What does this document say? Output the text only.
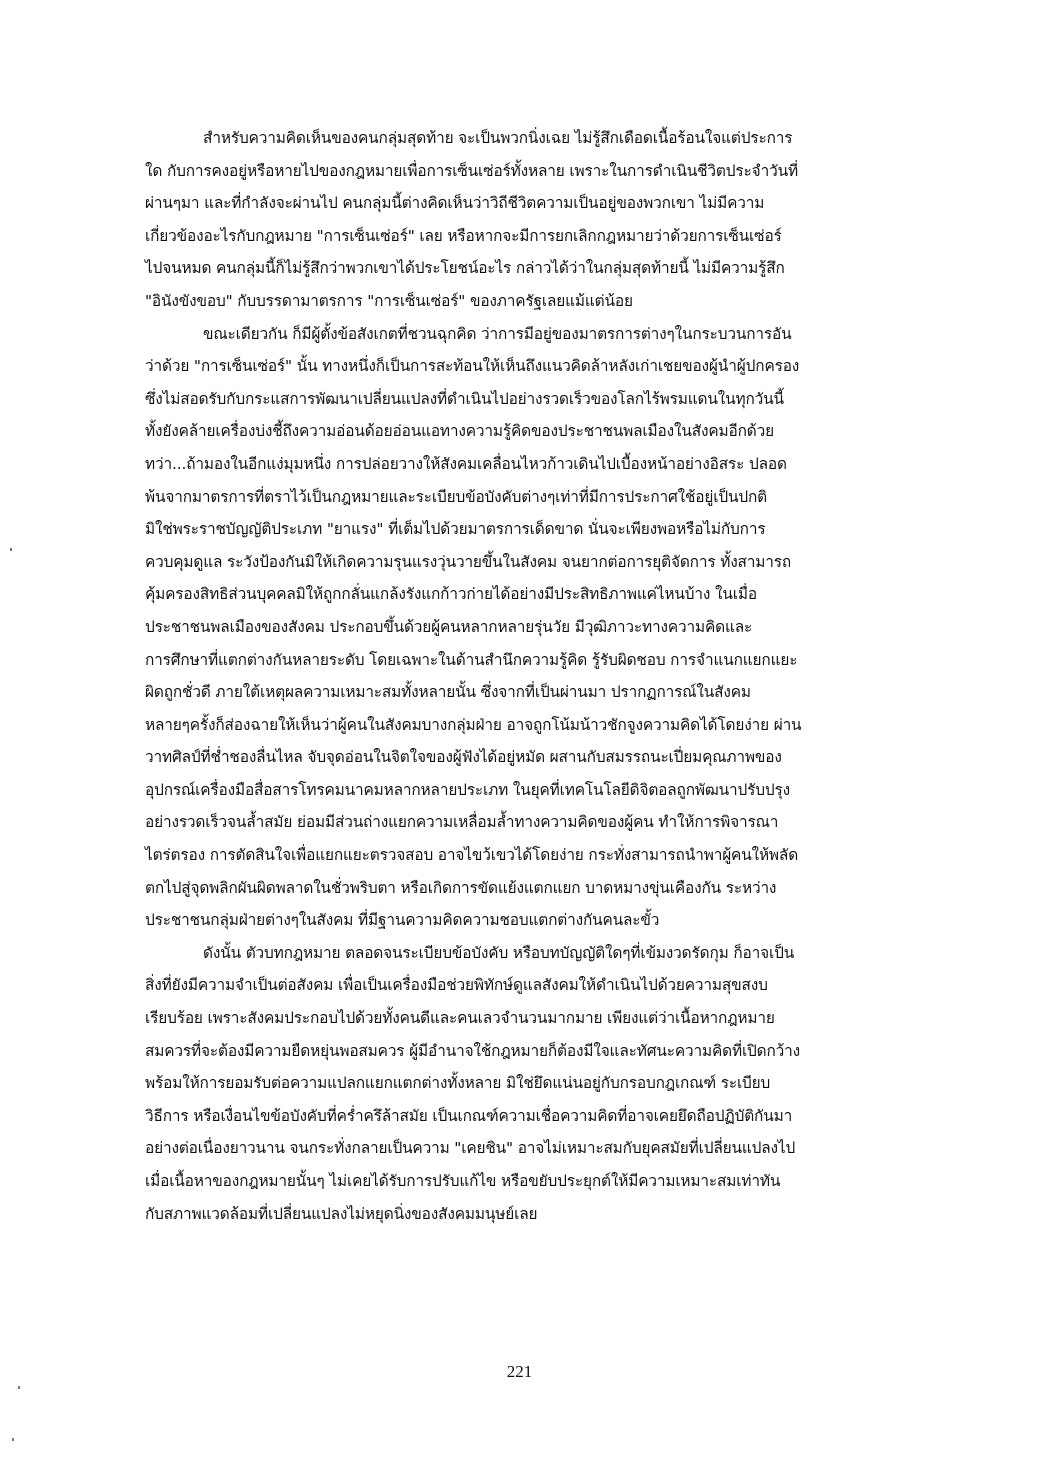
สำหรับความคิดเห็นของคนกลุ่มสุดท้าย จะเป็นพวกนิ่งเฉย ไม่รู้สึกเดือดเนื้อร้อนใจแต่ประการ
ใด กับการคงอยู่หรือหายไปของกฎหมายเพื่อการเซ็นเซ่อร์ทั้งหลาย เพราะในการดำเนินชีวิตประจำวันที่
ผ่านๆมา และที่กำลังจะผ่านไป คนกลุ่มนี้ต่างคิดเห็นว่าวิถีชีวิตความเป็นอยู่ของพวกเขา ไม่มีความ
เกี่ยวข้องอะไรกับกฎหมาย "การเซ็นเซ่อร์" เลย หรือหากจะมีการยกเลิกกฎหมายว่าด้วยการเซ็นเซ่อร์
ไปจนหมด คนกลุ่มนี้ก็ไม่รู้สึกว่าพวกเขาได้ประโยชน์อะไร กล่าวได้ว่าในกลุ่มสุดท้ายนี้ ไม่มีความรู้สึก
"อินังขังขอบ" กับบรรดามาตรการ "การเซ็นเซ่อร์" ของภาครัฐเลยแม้แต่น้อย
ขณะเดียวกัน ก็มีผู้ตั้งข้อสังเกตที่ชวนฉุกคิด ว่าการมีอยู่ของมาตรการต่างๆในกระบวนการอัน
ว่าด้วย "การเซ็นเซ่อร์" นั้น ทางหนึ่งก็เป็นการสะท้อนให้เห็นถึงแนวคิดล้าหลังเก่าเชยของผู้นำผู้ปกครอง
ซึ่งไม่สอดรับกับกระแสการพัฒนาเปลี่ยนแปลงที่ดำเนินไปอย่างรวดเร็วของโลกไร้พรมแดนในทุกวันนี้
ทั้งยังคล้ายเครื่องบ่งชี้ถึงความอ่อนด้อยอ่อนแอทางความรู้คิดของประชาชนพลเมืองในสังคมอีกด้วย
ทว่า...ถ้ามองในอีกแง่มุมหนึ่ง การปล่อยวางให้สังคมเคลื่อนไหวก้าวเดินไปเบื้องหน้าอย่างอิสระ ปลอด
พ้นจากมาตรการที่ตราไว้เป็นกฎหมายและระเบียบข้อบังคับต่างๆเท่าที่มีการประกาศใช้อยู่เป็นปกติ
มิใช่พระราชบัญญัติประเภท "ยาแรง" ที่เต็มไปด้วยมาตรการเด็ดขาด นั่นจะเพียงพอหรือไม่กับการ
ควบคุมดูแล ระวังป้องกันมิให้เกิดความรุนแรงวุ่นวายขึ้นในสังคม จนยากต่อการยุติจัดการ ทั้งสามารถ
คุ้มครองสิทธิส่วนบุคคลมิให้ถูกกลั่นแกล้งรังแกก้าวก่ายได้อย่างมีประสิทธิภาพแค่ไหนบ้าง ในเมื่อ
ประชาชนพลเมืองของสังคม ประกอบขึ้นด้วยผู้คนหลากหลายรุ่นวัย มีวุฒิภาวะทางความคิดและ
การศึกษาที่แตกต่างกันหลายระดับ โดยเฉพาะในด้านสำนึกความรู้คิด รู้รับผิดชอบ การจำแนกแยกแยะ
ผิดถูกชั่วดี ภายใต้เหตุผลความเหมาะสมทั้งหลายนั้น ซึ่งจากที่เป็นผ่านมา ปรากฏการณ์ในสังคม
หลายๆครั้งก็ส่องฉายให้เห็นว่าผู้คนในสังคมบางกลุ่มฝ่าย อาจถูกโน้มน้าวชักจูงความคิดได้โดยง่าย ผ่าน
วาทศิลป์ที่ช่ำชองลื่นไหล จับจุดอ่อนในจิตใจของผู้ฟังได้อยู่หมัด ผสานกับสมรรถนะเปี่ยมคุณภาพของ
อุปกรณ์เครื่องมือสื่อสารโทรคมนาคมหลากหลายประเภท ในยุคที่เทคโนโลยีดิจิตอลถูกพัฒนาปรับปรุง
อย่างรวดเร็วจนล้ำสมัย ย่อมมีส่วนถ่างแยกความเหลื่อมล้ำทางความคิดของผู้คน ทำให้การพิจารณา
ไตร่ตรอง การตัดสินใจเพื่อแยกแยะตรวจสอบ อาจไขว้เขวได้โดยง่าย กระทั่งสามารถนำพาผู้คนให้พลัด
ตกไปสู่จุดพลิกผันผิดพลาดในชั่วพริบตา หรือเกิดการขัดแย้งแตกแยก บาดหมางขุ่นเคืองกัน ระหว่าง
ประชาชนกลุ่มฝ่ายต่างๆในสังคม ที่มีฐานความคิดความชอบแตกต่างกันคนละขั้ว
ดังนั้น ตัวบทกฎหมาย ตลอดจนระเบียบข้อบังคับ หรือบทบัญญัติใดๆที่เข้มงวดรัดกุม ก็อาจเป็น
สิ่งที่ยังมีความจำเป็นต่อสังคม เพื่อเป็นเครื่องมือช่วยพิทักษ์ดูแลสังคมให้ดำเนินไปด้วยความสุขสงบ
เรียบร้อย เพราะสังคมประกอบไปด้วยทั้งคนดีและคนเลวจำนวนมากมาย เพียงแต่ว่าเนื้อหากฎหมาย
สมควรที่จะต้องมีความยืดหยุ่นพอสมควร ผู้มีอำนาจใช้กฎหมายก็ต้องมีใจและทัศนะความคิดที่เปิดกว้าง
พร้อมให้การยอมรับต่อความแปลกแยกแตกต่างทั้งหลาย มิใช่ยึดแน่นอยู่กับกรอบกฎเกณฑ์ ระเบียบ
วิธีการ หรือเงื่อนไขข้อบังคับที่คร่ำครึล้าสมัย เป็นเกณฑ์ความเชื่อความคิดที่อาจเคยยึดถือปฏิบัติกันมา
อย่างต่อเนื่องยาวนาน จนกระทั่งกลายเป็นความ "เคยชิน" อาจไม่เหมาะสมกับยุคสมัยที่เปลี่ยนแปลงไป
เมื่อเนื้อหาของกฎหมายนั้นๆ ไม่เคยได้รับการปรับแก้ไข หรือขยับประยุกต์ให้มีความเหมาะสมเท่าทัน
กับสภาพแวดล้อมที่เปลี่ยนแปลงไม่หยุดนิ่งของสังคมมนุษย์เลย
221
